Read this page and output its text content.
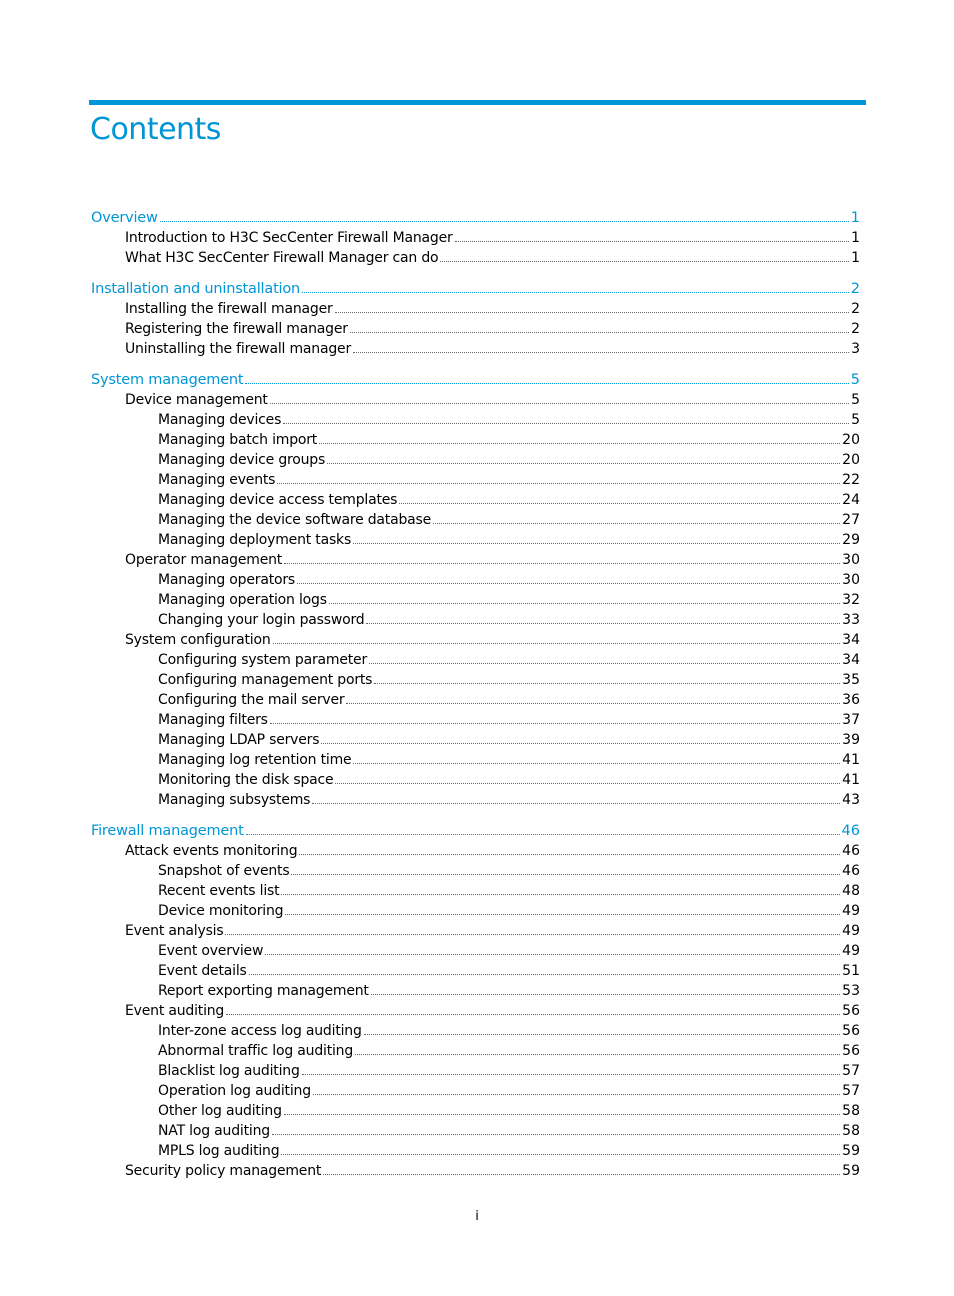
Contents
Overview	1
Introduction to H3C SecCenter Firewall Manager	1
What H3C SecCenter Firewall Manager can do	1
Installation and uninstallation	2
Installing the firewall manager	2
Registering the firewall manager	2
Uninstalling the firewall manager	3
System management	5
Device management	5
Managing devices	5
Managing batch import	20
Managing device groups	20
Managing events	22
Managing device access templates	24
Managing the device software database	27
Managing deployment tasks	29
Operator management	30
Managing operators	30
Managing operation logs	32
Changing your login password	33
System configuration	34
Configuring system parameter	34
Configuring management ports	35
Configuring the mail server	36
Managing filters	37
Managing LDAP servers	39
Managing log retention time	41
Monitoring the disk space	41
Managing subsystems	43
Firewall management	46
Attack events monitoring	46
Snapshot of events	46
Recent events list	48
Device monitoring	49
Event analysis	49
Event overview	49
Event details	51
Report exporting management	53
Event auditing	56
Inter-zone access log auditing	56
Abnormal traffic log auditing	56
Blacklist log auditing	57
Operation log auditing	57
Other log auditing	58
NAT log auditing	58
MPLS log auditing	59
Security policy management	59
i
